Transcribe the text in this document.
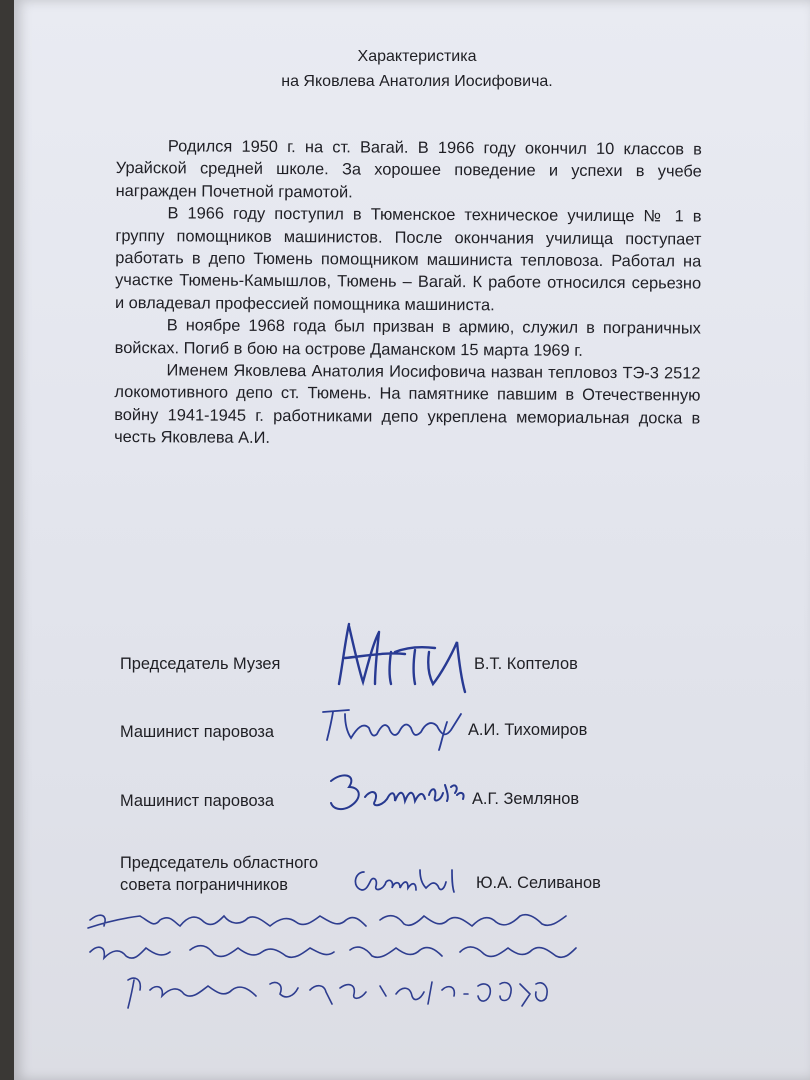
Характеристика
на Яковлева Анатолия Иосифовича.

Родился 1950 г. на ст. Вагай. В 1966 году окончил 10 классов в Урайской средней школе. За хорошее поведение и успехи в учебе награжден Почетной грамотой.

В 1966 году поступил в Тюменское техническое училище № 1 в группу помощников машинистов. После окончания училища поступает работать в депо Тюмень помощником машиниста тепловоза. Работал на участке Тюмень-Камышлов, Тюмень – Вагай. К работе относился серьезно и овладевал профессией помощника машиниста.

В ноябре 1968 года был призван в армию, служил в пограничных войсках. Погиб в бою на острове Даманском 15 марта 1969 г.

Именем Яковлева Анатолия Иосифовича назван тепловоз ТЭ-3 2512 локомотивного депо ст. Тюмень. На памятнике павшим в Отечественную войну 1941-1945 г. работниками депо укреплена мемориальная доска в честь Яковлева А.И.

Председатель Музея	В.Т. Коптелов
Машинист паровоза	А.И. Тихомиров
Машинист паровоза	А.Г. Землянов
Председатель областного
совета пограничников	Ю.А. Селиванов
